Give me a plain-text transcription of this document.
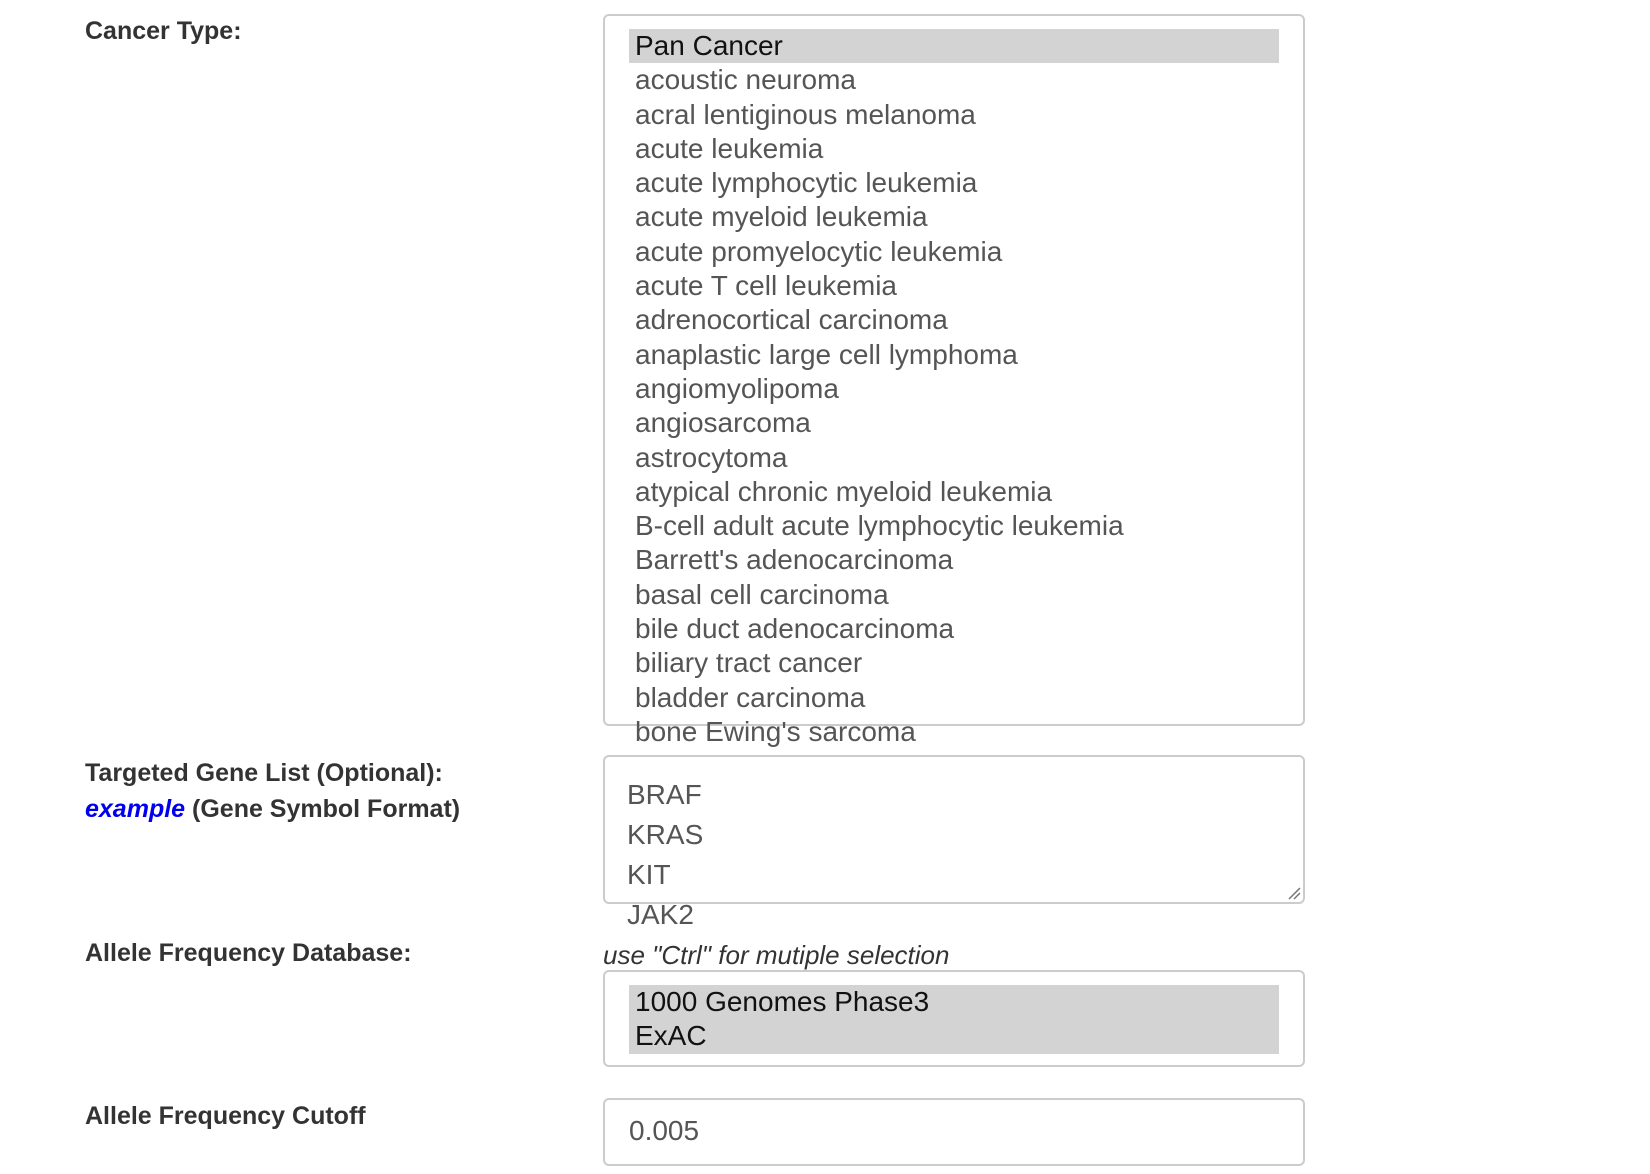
Cancer Type:	Pan Cancer
acoustic neuroma
acral lentiginous melanoma
acute leukemia
acute lymphocytic leukemia
acute myeloid leukemia
acute promyelocytic leukemia
acute T cell leukemia
adrenocortical carcinoma
anaplastic large cell lymphoma
angiomyolipoma
angiosarcoma
astrocytoma
atypical chronic myeloid leukemia
B-cell adult acute lymphocytic leukemia
Barrett's adenocarcinoma
basal cell carcinoma
bile duct adenocarcinoma
biliary tract cancer
bladder carcinoma
bone Ewing's sarcoma
Targeted Gene List (Optional):
example (Gene Symbol Format)	BRAF
KRAS
KIT
JAK2
Allele Frequency Database:	use "Ctrl" for mutiple selection
1000 Genomes Phase3
ExAC
Allele Frequency Cutoff	0.005
